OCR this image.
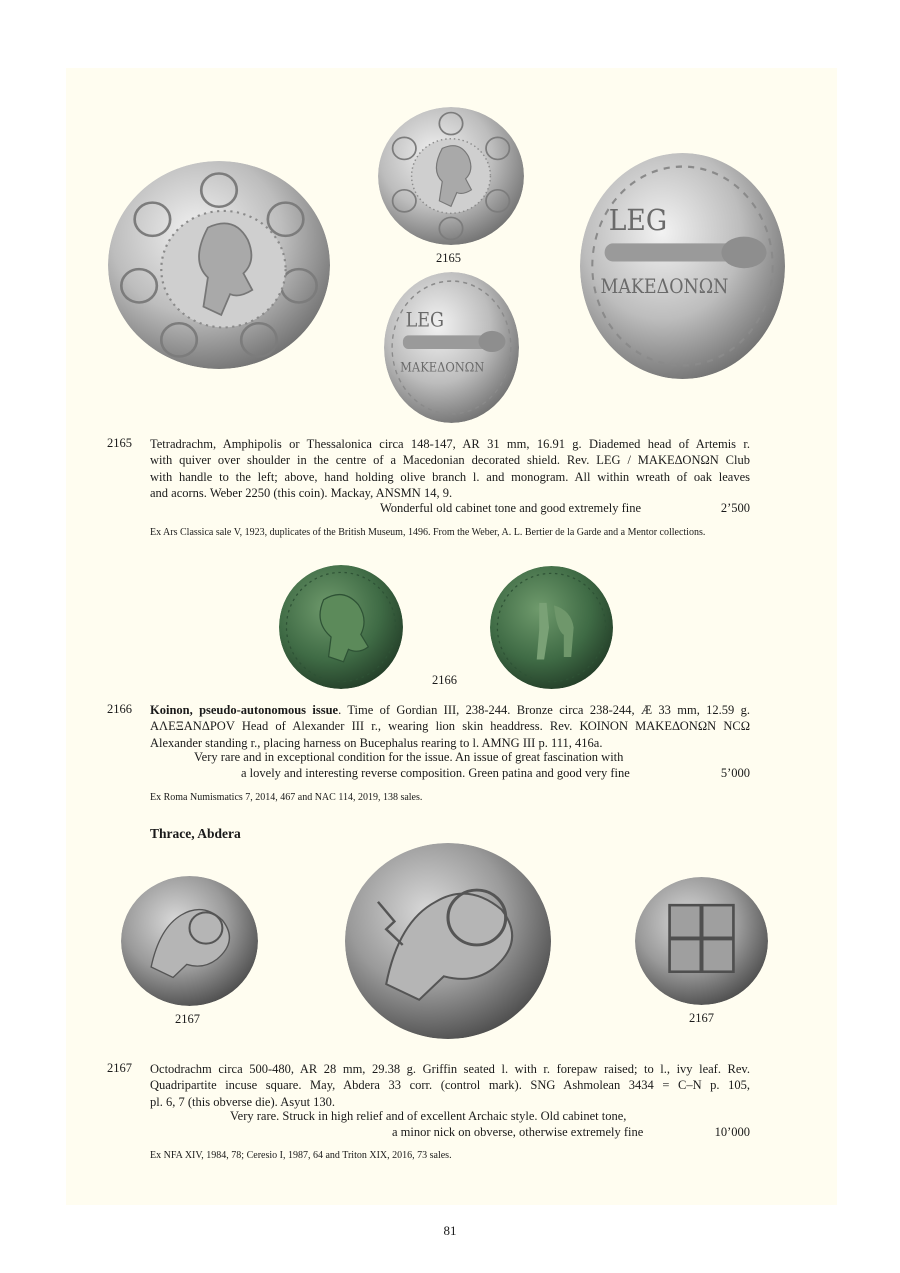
LEG
ΜΑΚΕΔΟΝΩΝ
LEG
ΜΑΚΕΔΟΝΩΝ
2165
2165 Tetradrachm, Amphipolis or Thessalonica circa 148-147, AR 31 mm, 16.91 g. Diademed head of Artemis r.
with quiver over shoulder in the centre of a Macedonian decorated shield. Rev. LEG / ΜΑΚΕΔΟΝΩΝ Club
with handle to the left; above, hand holding olive branch l. and monogram. All within wreath of oak leaves
and acorns. Weber 2250 (this coin). Mackay, ANSMN 14, 9.
Wonderful old cabinet tone and good extremely fine	2’500
Ex Ars Classica sale V, 1923, duplicates of the British Museum, 1496. From the Weber, A. L. Bertier de la Garde and a Mentor collections.
2166
2166 Koinon, pseudo-autonomous issue. Time of Gordian III, 238-244. Bronze circa 238-244, Æ 33 mm, 12.59 g.
ΑΛΕΞΑΝΔΡΟV Head of Alexander III r., wearing lion skin headdress. Rev. ΚΟΙΝΟΝ ΜΑΚΕΔΟΝΩΝ ΝCΩ
Alexander standing r., placing harness on Bucephalus rearing to l. AMNG III p. 111, 416a.
Very rare and in exceptional condition for the issue. An issue of great fascination with
a lovely and interesting reverse composition. Green patina and good very fine	5’000
Ex Roma Numismatics 7, 2014, 467 and NAC 114, 2019, 138 sales.
Thrace, Abdera
2167	2167
2167 Octodrachm circa 500-480, AR 28 mm, 29.38 g. Griffin seated l. with r. forepaw raised; to l., ivy leaf. Rev.
Quadripartite incuse square. May, Abdera 33 corr. (control mark). SNG Ashmolean 3434 = C–N p. 105,
pl. 6, 7 (this obverse die). Asyut 130.
Very rare. Struck in high relief and of excellent Archaic style. Old cabinet tone,
a minor nick on obverse, otherwise extremely fine	10’000
Ex NFA XIV, 1984, 78; Ceresio I, 1987, 64 and Triton XIX, 2016, 73 sales.
81
